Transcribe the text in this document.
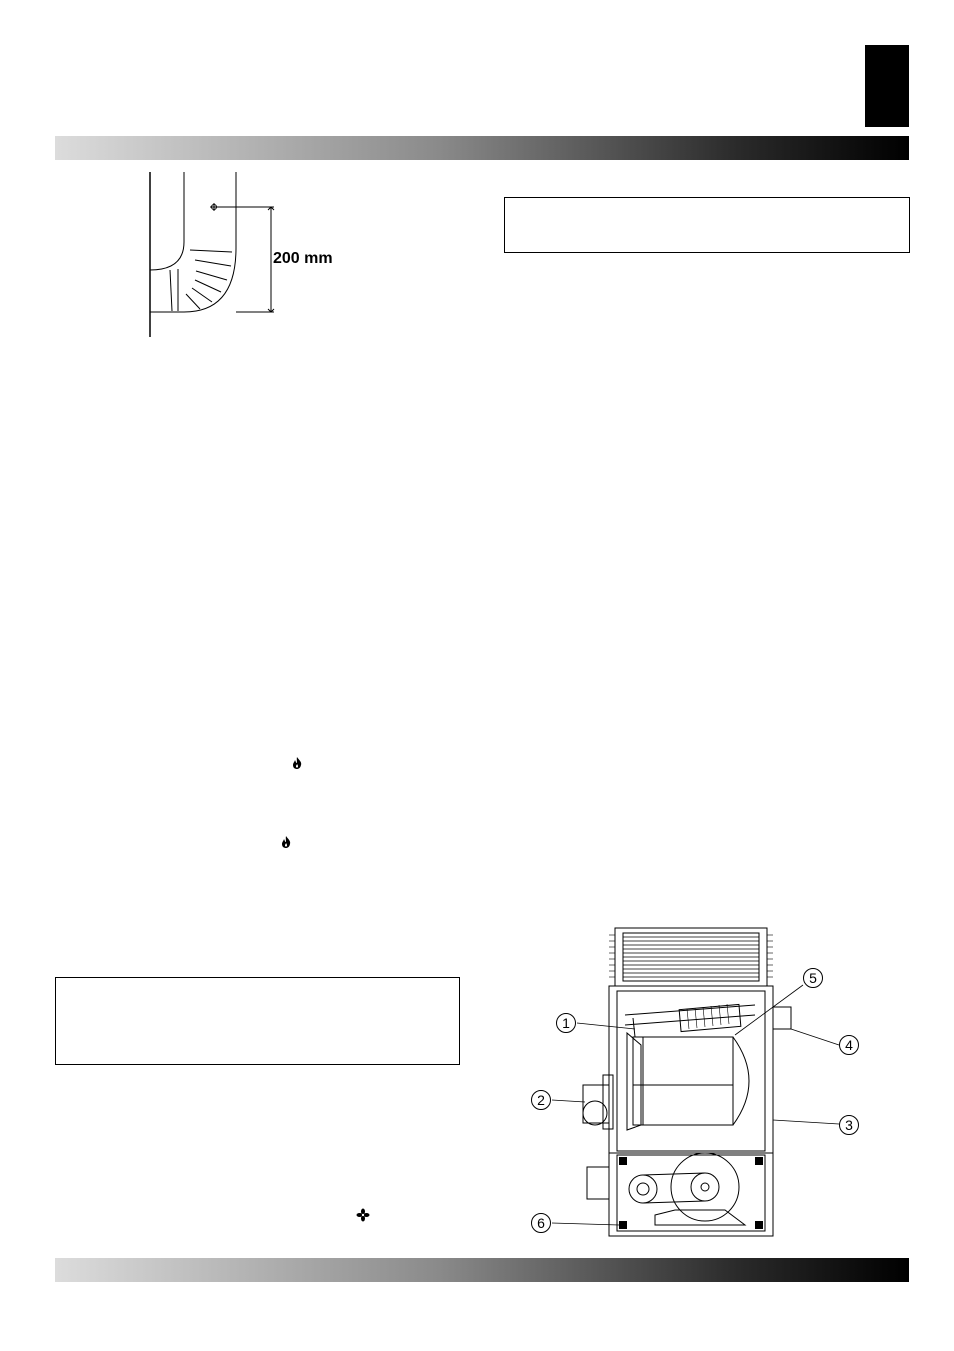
200 mm
1
2
3
4
5
6
